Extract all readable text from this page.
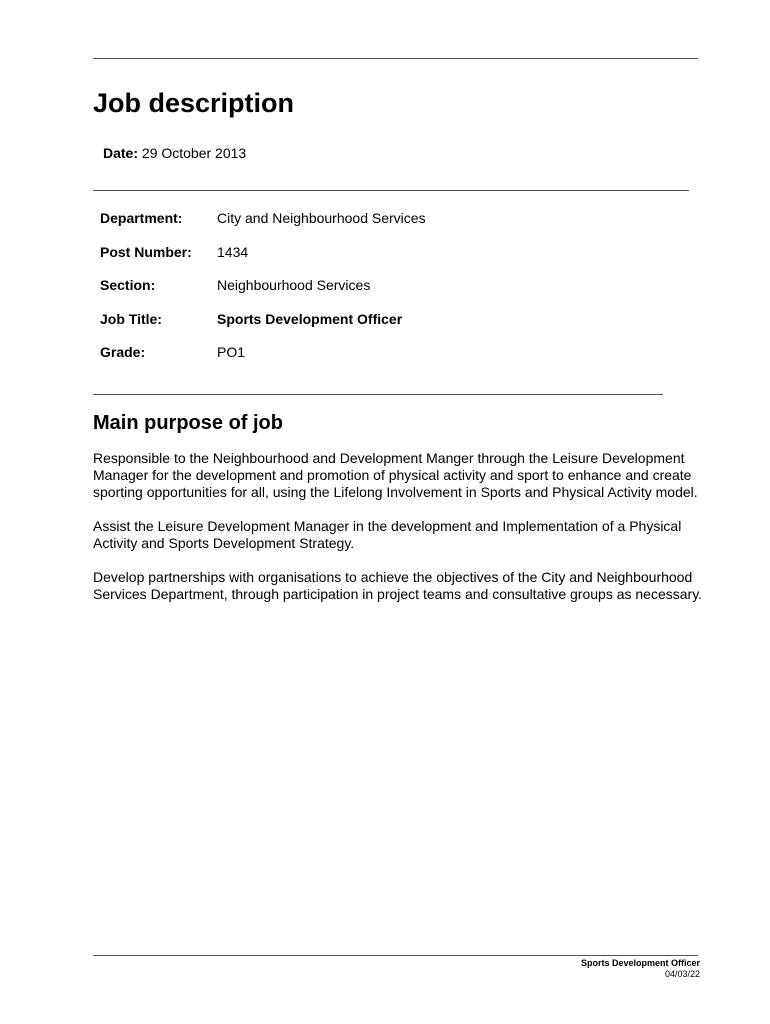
Job description
Date: 29 October 2013
Department: City and Neighbourhood Services
Post Number: 1434
Section:	Neighbourhood Services
Job Title:	Sports Development Officer
Grade:	PO1
Main purpose of job

Responsible to the Neighbourhood and Development Manger through the Leisure Development Manager for the development and promotion of physical activity and sport to enhance and create sporting opportunities for all, using the Lifelong Involvement in Sports and Physical Activity model.

Assist the Leisure Development Manager in the development and Implementation of a Physical Activity and Sports Development Strategy.

Develop partnerships with organisations to achieve the objectives of the City and Neighbourhood Services Department, through participation in project teams and consultative groups as necessary.

Sports Development Officer
04/03/22
